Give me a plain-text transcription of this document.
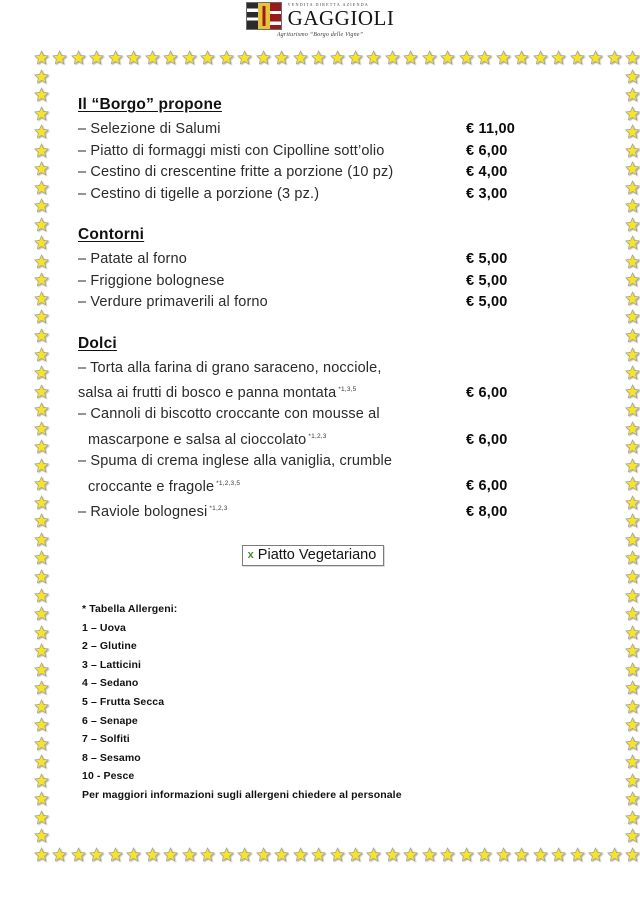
VENDITA DIRETTA AZIENDA
GAGGIOLI
Agriturismo “Borgo delle Vigne”
Il “Borgo” propone
– Selezione di Salumi	€ 11,00
– Piatto di formaggi misti con Cipolline sott’olio	€ 6,00
– Cestino di crescentine fritte a porzione (10 pz)	€ 4,00
– Cestino di tigelle a porzione (3 pz.)	€ 3,00
Contorni
– Patate al forno	€ 5,00
– Friggione bolognese	€ 5,00
– Verdure primaverili al forno	€ 5,00
Dolci
– Torta alla farina di grano saraceno, nocciole,
salsa ai frutti di bosco e panna montata $^{*1,3,5}$	€ 6,00
– Cannoli di biscotto croccante con mousse al
mascarpone e salsa al cioccolato $^{*1,2,3}$	€ 6,00
– Spuma di crema inglese alla vaniglia, crumble
croccante e fragole $^{*1,2,3,5}$	€ 6,00
– Raviole bolognesi $^{*1,2,3}$	€ 8,00
x Piatto Vegetariano
* Tabella Allergeni:
1 – Uova
2 – Glutine
3 – Latticini
4 – Sedano
5 – Frutta Secca
6 – Senape
7 – Solfiti
8 – Sesamo
10 - Pesce
Per maggiori informazioni sugli allergeni chiedere al personale
